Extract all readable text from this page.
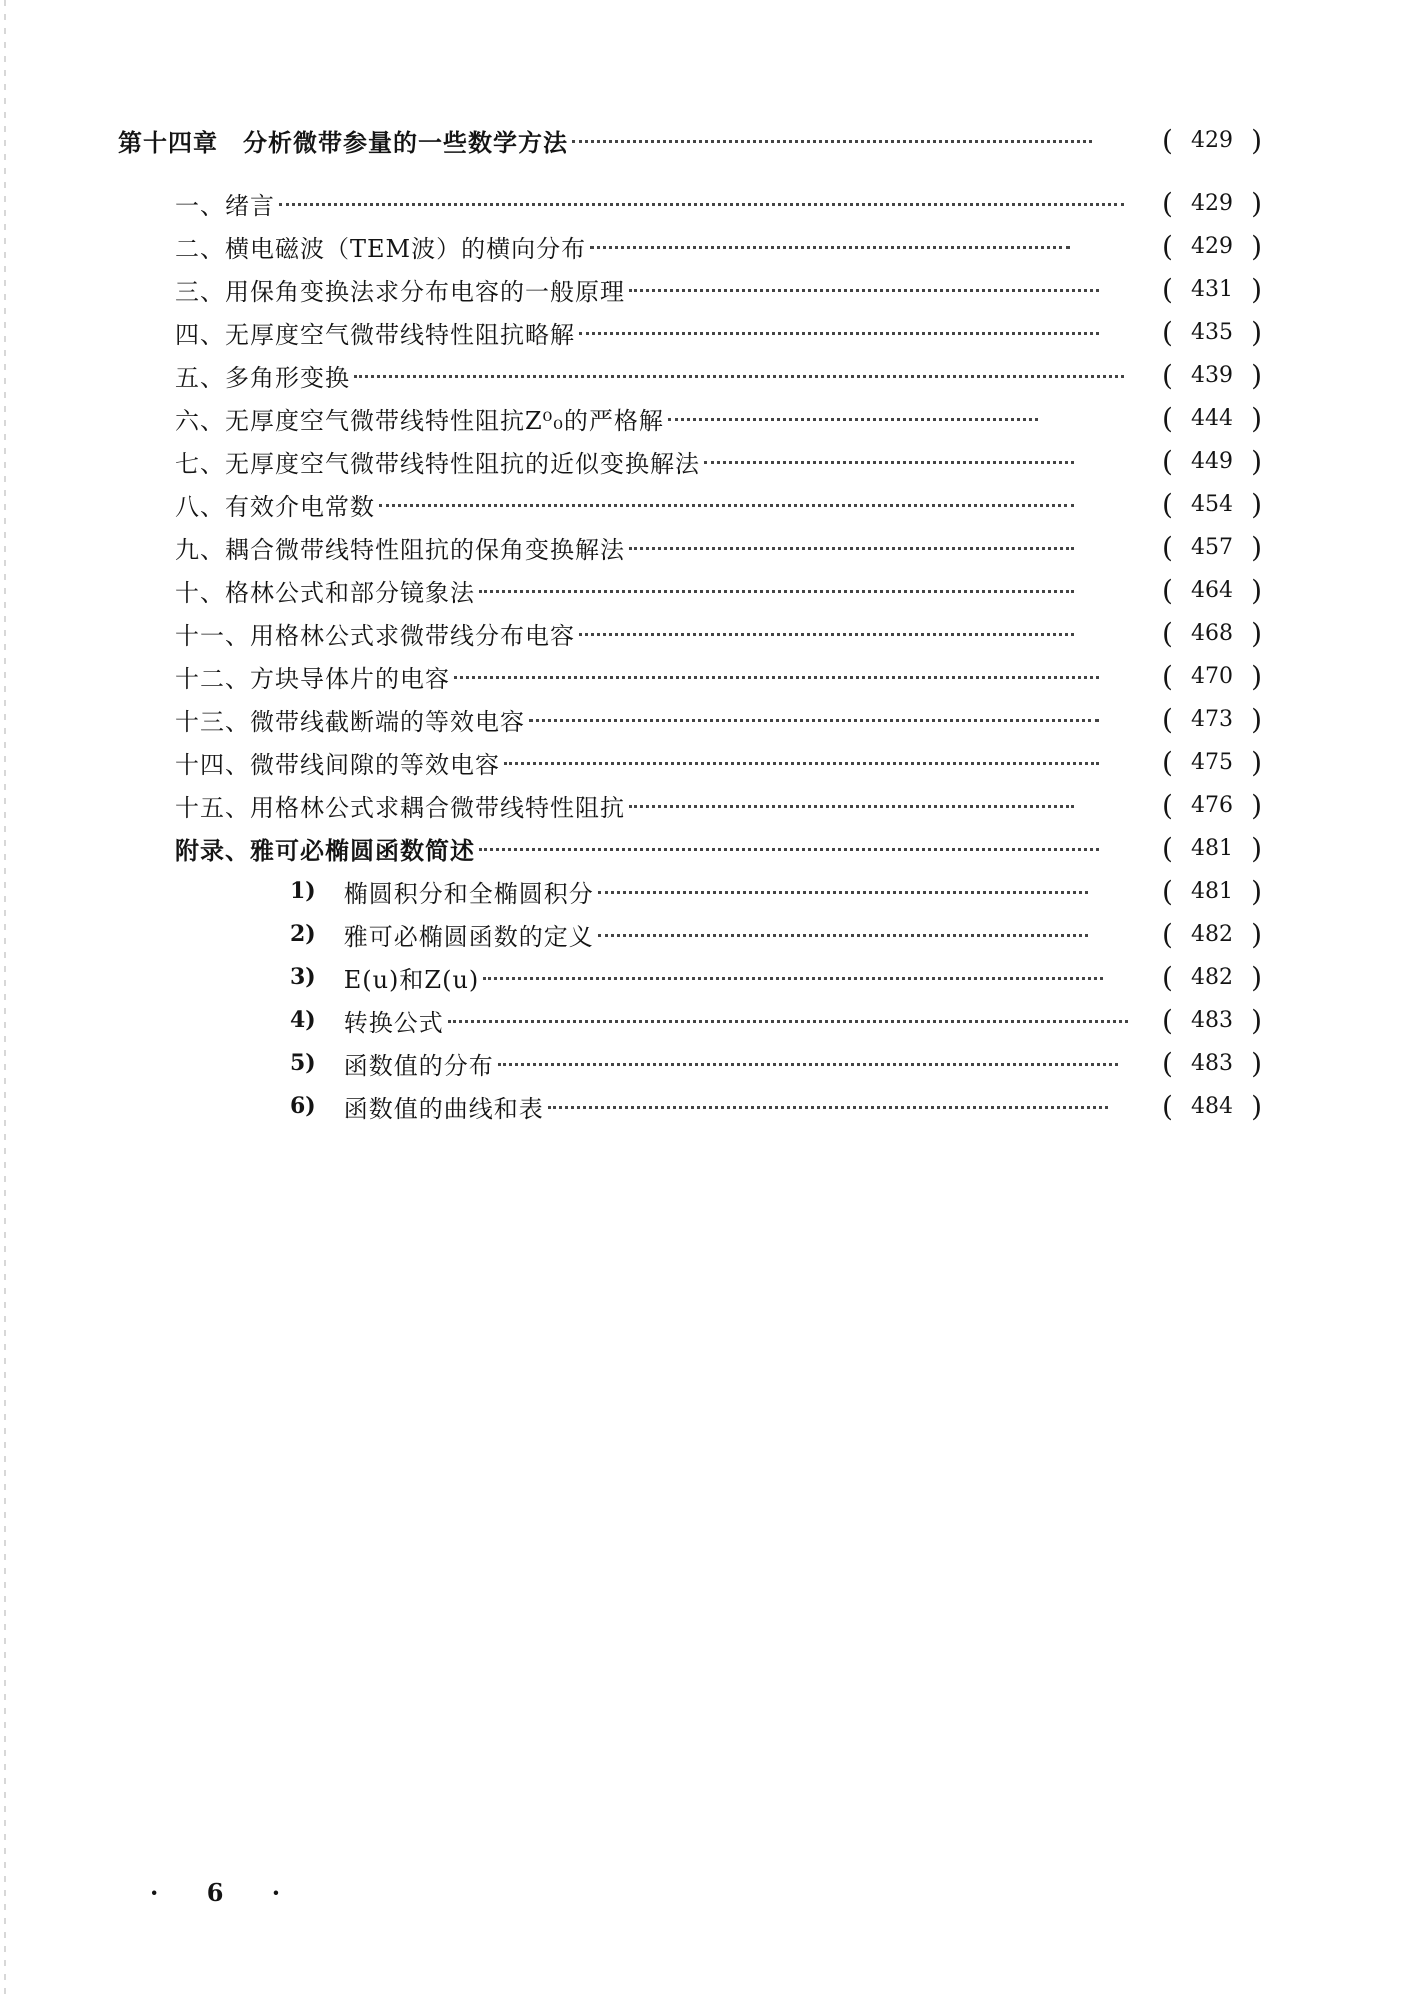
第十四章　分析微带参量的一些数学方法	( 429 )
一、绪言	( 429 )
二、横电磁波（TEM波）的横向分布	( 429 )
三、用保角变换法求分布电容的一般原理	( 431 )
四、无厚度空气微带线特性阻抗略解	( 435 )
五、多角形变换	( 439 )
六、无厚度空气微带线特性阻抗Z⁰₀的严格解	( 444 )
七、无厚度空气微带线特性阻抗的近似变换解法	( 449 )
八、有效介电常数	( 454 )
九、耦合微带线特性阻抗的保角变换解法	( 457 )
十、格林公式和部分镜象法	( 464 )
十一、用格林公式求微带线分布电容	( 468 )
十二、方块导体片的电容	( 470 )
十三、微带线截断端的等效电容	( 473 )
十四、微带线间隙的等效电容	( 475 )
十五、用格林公式求耦合微带线特性阻抗	( 476 )
附录、雅可必椭圆函数简述	( 481 )
1) 椭圆积分和全椭圆积分	( 481 )
2) 雅可必椭圆函数的定义	( 482 )
3) E(u)和Z(u)	( 482 )
4) 转换公式	( 483 )
5) 函数值的分布	( 483 )
6) 函数值的曲线和表	( 484 )
· 6 ·
